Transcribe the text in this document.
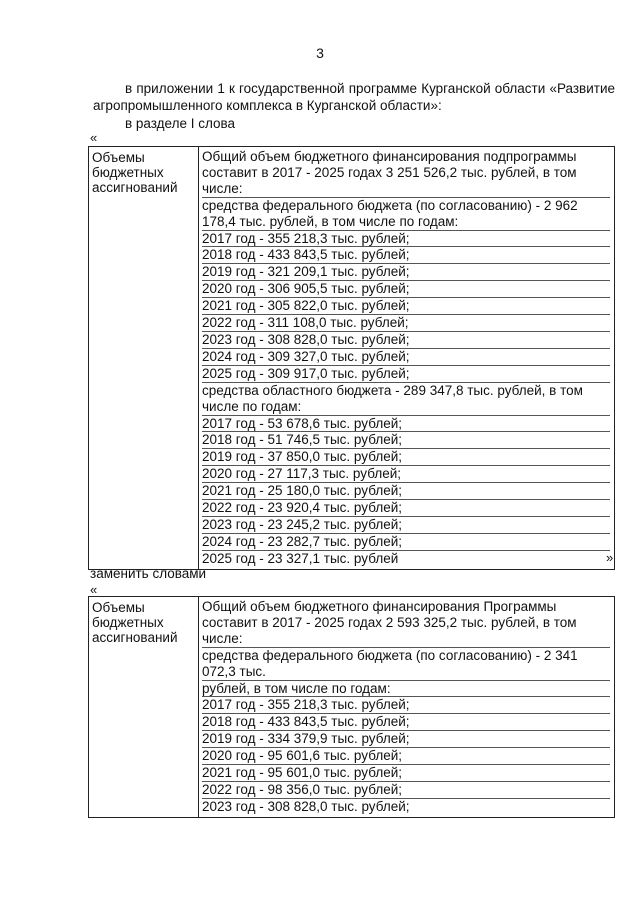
3
в приложении 1 к государственной программе Курганской области «Развитие агропромышленного комплекса в Курганской области»:
в разделе I слова
«
Объемы бюджетных ассигнований	
Общий объем бюджетного финансирования подпрограммы составит в 2017 - 2025 годах 3 251 526,2 тыс. рублей, в том числе:
средства федерального бюджета (по согласованию) - 2 962 178,4 тыс. рублей, в том числе по годам:
2017 год - 355 218,3 тыс. рублей;
2018 год - 433 843,5 тыс. рублей;
2019 год - 321 209,1 тыс. рублей;
2020 год - 306 905,5 тыс. рублей;
2021 год - 305 822,0 тыс. рублей;
2022 год - 311 108,0 тыс. рублей;
2023 год - 308 828,0 тыс. рублей;
2024 год - 309 327,0 тыс. рублей;
2025 год - 309 917,0 тыс. рублей;
средства областного бюджета - 289 347,8 тыс. рублей, в том числе по годам:
2017 год - 53 678,6 тыс. рублей;
2018 год - 51 746,5 тыс. рублей;
2019 год - 37 850,0 тыс. рублей;
2020 год - 27 117,3 тыс. рублей;
2021 год - 25 180,0 тыс. рублей;
2022 год - 23 920,4 тыс. рублей;
2023 год - 23 245,2 тыс. рублей;
2024 год - 23 282,7 тыс. рублей;
2025 год - 23 327,1 тыс. рублей	»
заменить словами
«
Объемы бюджетных ассигнований	
Общий объем бюджетного финансирования Программы составит в 2017 - 2025 годах 2 593 325,2 тыс. рублей, в том числе:
средства федерального бюджета (по согласованию) - 2 341 072,3 тыс.
рублей, в том числе по годам:
2017 год - 355 218,3 тыс. рублей;
2018 год - 433 843,5 тыс. рублей;
2019 год - 334 379,9 тыс. рублей;
2020 год - 95 601,6 тыс. рублей;
2021 год - 95 601,0 тыс. рублей;
2022 год - 98 356,0 тыс. рублей;
2023 год - 308 828,0 тыс. рублей;
